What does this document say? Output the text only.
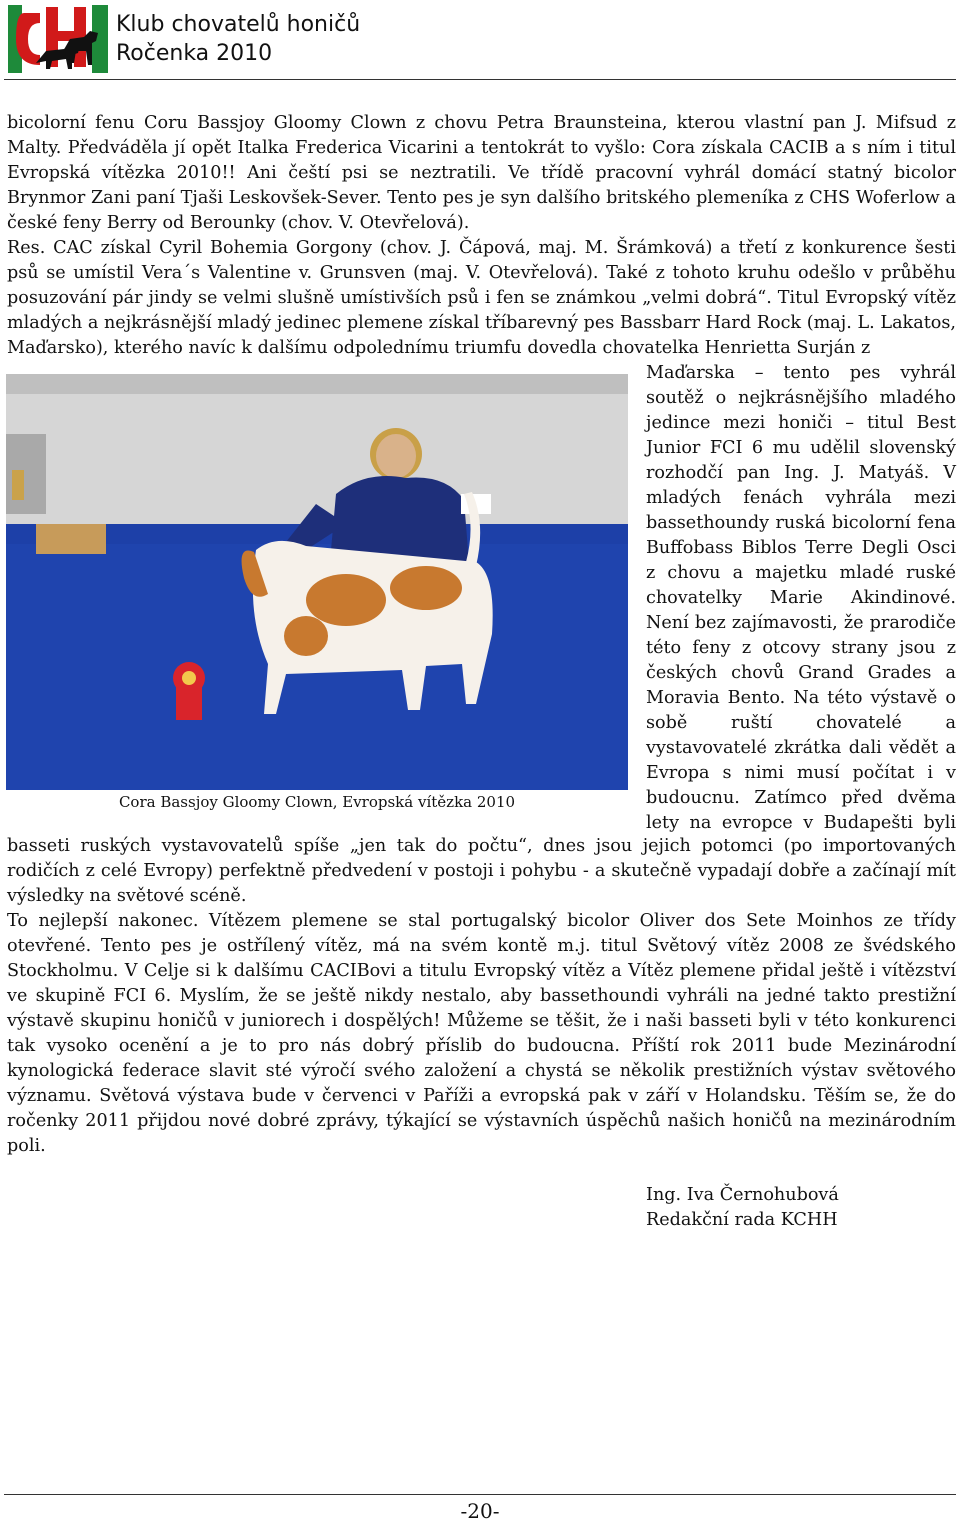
Klub chovatelů honičů
Ročenka 2010

bicolorní fenu Coru Bassjoy Gloomy Clown z chovu Petra Braunsteina, kterou vlastní pan J. Mifsud z Malty. Předváděla jí opět Italka Frederica Vicarini a tentokrát to vyšlo: Cora získala CACIB a s ním i titul Evropská vítězka 2010!! Ani čeští psi se neztratili. Ve třídě pracovní vyhrál domácí statný bicolor Brynmor Zani paní Tjaši Leskovšek-Sever. Tento pes je syn dalšího britského plemeníka z CHS Woferlow a české feny Berry od Berounky (chov. V. Otevřelová).

Res. CAC získal Cyril Bohemia Gorgony (chov. J. Čápová, maj. M. Šrámková) a třetí z konkurence šesti psů se umístil Vera´s Valentine v. Grunsven (maj. V. Otevřelová). Také z tohoto kruhu odešlo v průběhu posuzování pár jindy se velmi slušně umístivších psů i fen se známkou „velmi dobrá“. Titul Evropský vítěz mladých a nejkrásnější mladý jedinec plemene získal tříbarevný pes Bassbarr Hard Rock (maj. L. Lakatos, Maďarsko), kterého navíc k dalšímu odpolednímu triumfu dovedla chovatelka Henrietta Surján z

Cora Bassjoy Gloomy Clown, Evropská vítězka 2010

Maďarska – tento pes vyhrál soutěž o nejkrásnějšího mladého jedince mezi honiči – titul Best Junior FCI 6 mu udělil slovenský rozhodčí pan Ing. J. Matyáš. V mladých fenách vyhrála mezi bassethoundy ruská bicolorní fena Buffobass Biblos Terre Degli Osci z chovu a majetku mladé ruské chovatelky Marie Akindinové. Není bez zajímavosti, že prarodiče této feny z otcovy strany jsou z českých chovů Grand Grades a Moravia Bento. Na této výstavě o sobě ruští chovatelé a vystavovatelé zkrátka dali vědět a Evropa s nimi musí počítat i v budoucnu. Zatímco před dvěma lety na evropce v Budapešti byli

basseti ruských vystavovatelů spíše „jen tak do počtu“, dnes jsou jejich potomci (po importovaných rodičích z celé Evropy) perfektně předvedení v postoji i pohybu - a skutečně vypadají dobře a začínají mít výsledky na světové scéně.

To nejlepší nakonec. Vítězem plemene se stal portugalský bicolor Oliver dos Sete Moinhos ze třídy otevřené. Tento pes je ostřílený vítěz, má na svém kontě m.j. titul Světový vítěz 2008 ze švédského Stockholmu. V Celje si k dalšímu CACIBovi a titulu Evropský vítěz a Vítěz plemene přidal ještě i vítězství ve skupině FCI 6. Myslím, že se ještě nikdy nestalo, aby bassethoundi vyhráli na jedné takto prestižní výstavě skupinu honičů v juniorech i dospělých! Můžeme se těšit, že i naši basseti byli v této konkurenci tak vysoko ocenění a je to pro nás dobrý příslib do budoucna. Příští rok 2011 bude Mezinárodní kynologická federace slavit sté výročí svého založení a chystá se několik prestižních výstav světového významu. Světová výstava bude v červenci v Paříži a evropská pak v září v Holandsku. Těším se, že do ročenky 2011 přijdou nové dobré zprávy, týkající se výstavních úspěchů našich honičů na mezinárodním poli.

Ing. Iva Černohubová
Redakční rada KCHH
-20-
